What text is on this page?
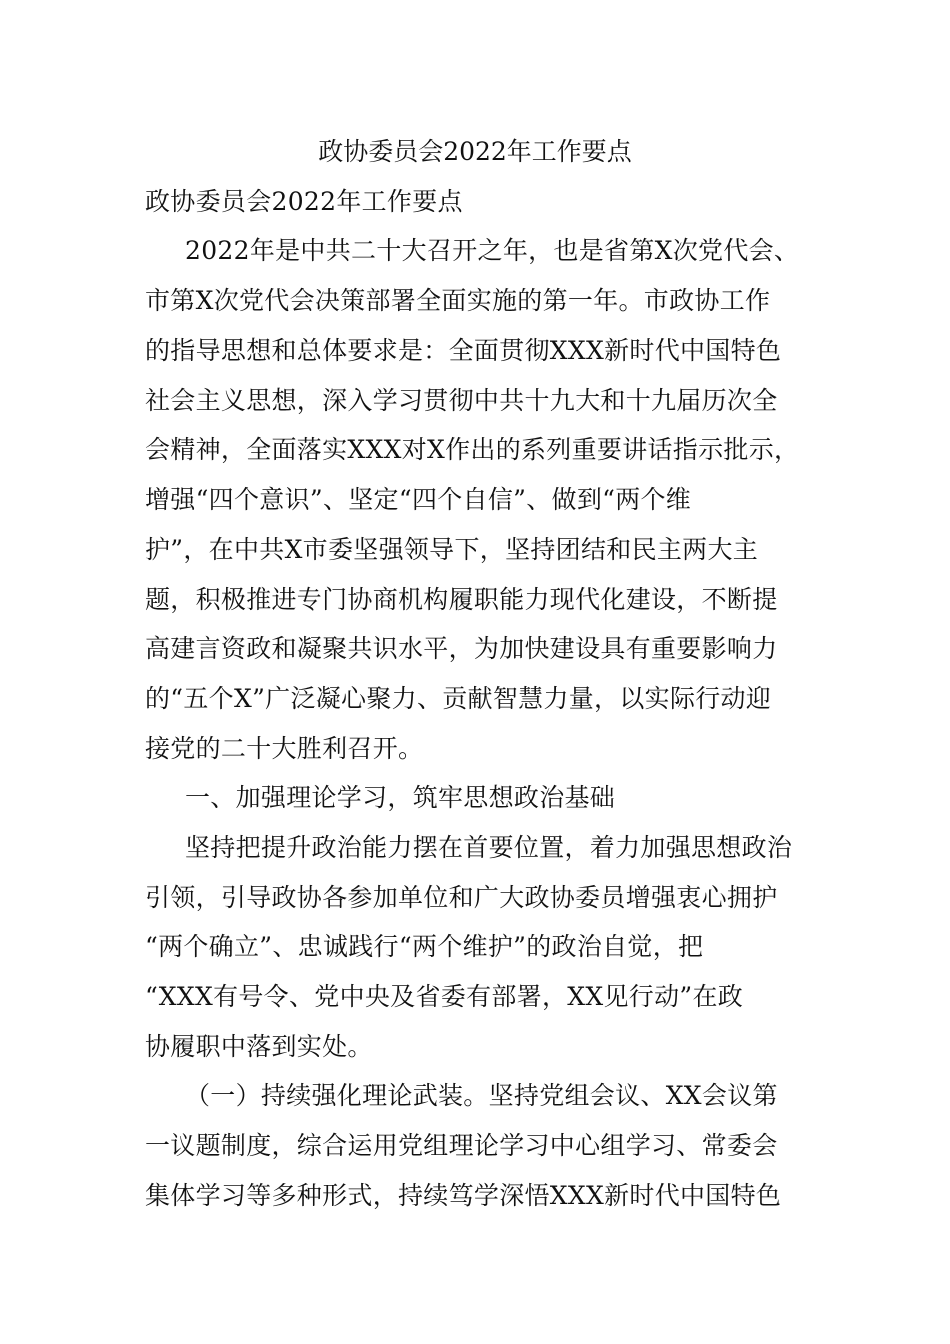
政协委员会2022年工作要点
政协委员会2022年工作要点
2022年是中共二十大召开之年，也是省第X次党代会、
市第X次党代会决策部署全面实施的第一年。市政协工作
的指导思想和总体要求是：全面贯彻XXX新时代中国特色
社会主义思想，深入学习贯彻中共十九大和十九届历次全
会精神，全面落实XXX对X作出的系列重要讲话指示批示，
增强“四个意识”、坚定“四个自信”、做到“两个维
护”，在中共X市委坚强领导下，坚持团结和民主两大主
题，积极推进专门协商机构履职能力现代化建设，不断提
高建言资政和凝聚共识水平，为加快建设具有重要影响力
的“五个X”广泛凝心聚力、贡献智慧力量，以实际行动迎
接党的二十大胜利召开。
一、加强理论学习，筑牢思想政治基础
坚持把提升政治能力摆在首要位置，着力加强思想政治
引领，引导政协各参加单位和广大政协委员增强衷心拥护
“两个确立”、忠诚践行“两个维护”的政治自觉，把
“XXX有号令、党中央及省委有部署，XX见行动”在政
协履职中落到实处。
（一）持续强化理论武装。坚持党组会议、XX会议第
一议题制度，综合运用党组理论学习中心组学习、常委会
集体学习等多种形式，持续笃学深悟XXX新时代中国特色
